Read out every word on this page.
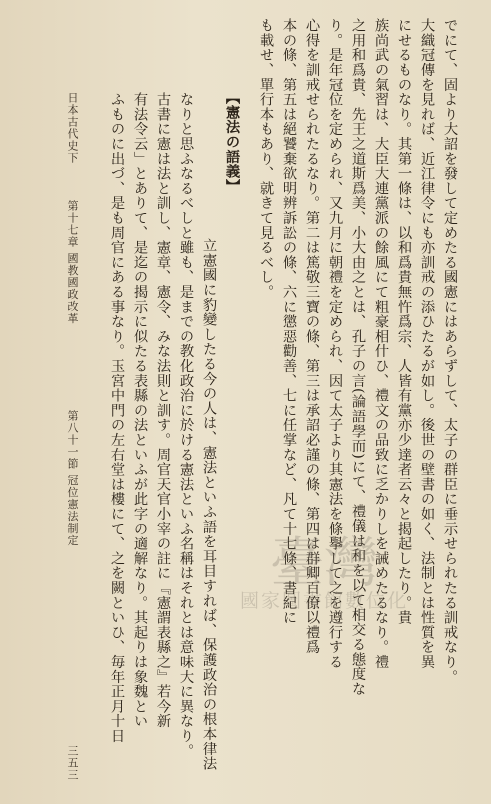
でにて、固より大詔を發して定めたる國憲にはあらずして、太子の群臣に垂示せられたる訓戒なり。
大織冠傳を見れば、近江律令にも亦訓戒の添ひたるが如し。後世の壁書の如く、法制とは性質を異
にせるものなり。其第一條は、以和爲貴無忤爲宗、人皆有黨亦少達者云々と揭起したり。貴
族尚武の氣習は、大臣大連黨派の餘風にて粗豪相什ひ、禮文の品致に乏かりしを誡めたるなり。禮
之用和爲貴、先王之道斯爲美、小大由之とは、孔子の言(論語學而)にて、禮儀は和を以て相交る態度な
り。是年冠位を定められ、又九月に朝禮を定められ、因て太子より其憲法を條擧して之を遵行する
心得を訓戒せられたるなり。第二は篤敬三寶の條、第三は承詔必謹の條、第四は群卿百僚以禮爲
本の條、第五は絕饕棄欲明辨訴訟の條、六に懲惡勸善、七に任掌など、凡て十七條、書紀に
も載せ、單行本もあり、就きて見るべし。
【憲法の語義】
立憲國に豹變したる今の人は、憲法といふ語を耳目すれば、保護政治の根本律法
なりと思ふなるべしと雖も、是までの教化政治に於ける憲法といふ名稱はそれとは意味大に異なり。
古書に憲は法と訓し、憲章、憲令、みな法則と訓す。周官天官小宰の註に『憲謂表縣之』若今新
有法令云」とありて、是迄の揭示に似たる表縣の法といふが此字の適解なり。其起りは象魏とい
ふものに出づ、是も周官にある事なり。玉宮中門の左右堂は樓にて、之を闕といひ、毎年正月十日
日本古代史下
第十七章 國教國政改革
第八十一節 冠位憲法制定
三五三
臺灣
國家圖書館數位化
